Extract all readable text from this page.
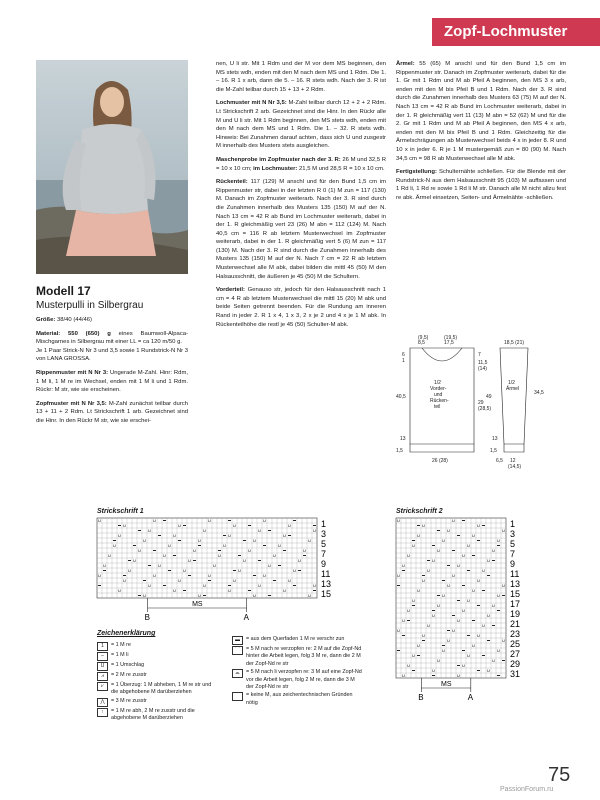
Zopf-Lochmuster
Modell 17
Musterpulli in Silbergrau

Größe: 38/40 (44/46)

Material: 550 (650) g eines Baumwoll-Alpaca-Mischgarnes in Silbergrau mit einer LL = ca 120 m/50 g.
Je 1 Paar Strick-N Nr 3 und 3,5 sowie 1 Rundstrick-N Nr 3 von LANA GROSSA.

Rippenmuster mit N Nr 3: Ungerade M-Zahl. Hinr: Rdm, 1 M li, 1 M re im Wechsel, enden mit 1 M li und 1 Rdm. Rückr: M str, wie sie erscheinen.

Zopfmuster mit N Nr 3,5: M-Zahl zunächst teilbar durch 13 + 11 + 2 Rdm. Lt Strickschrift 1 arb. Gezeichnet sind die Hinr. In den Rückr M str, wie sie erschei-

nen, U li str. Mit 1 Rdm und der M vor dem MS beginnen, den MS stets wdh, enden mit den M nach dem MS und 1 Rdm. Die 1. – 16. R 1 x arb, dann die 5. – 16. R stets wdh. Nach der 3. R ist die M-Zahl teilbar durch 15 + 13 + 2 Rdm.

Lochmuster mit N Nr 3,5: M-Zahl teilbar durch 12 + 2 + 2 Rdm. Lt Strickschrift 2 arb. Gezeichnet sind die Hinr. In den Rückr alle M und U li str. Mit 1 Rdm beginnen, den MS stets wdh, enden mit den M nach dem MS und 1 Rdm. Die 1. – 32. R stets wdh. Hinweis: Bei Zunahmen darauf achten, dass sich U und zusgestr M innerhalb des Musters stets ausgleichen.

Maschenprobe im Zopfmuster nach der 3. R: 26 M und 32,5 R = 10 x 10 cm; im Lochmuster: 21,5 M und 28,5 R = 10 x 10 cm.

Rückenteil: 117 (129) M anschl und für den Bund 1,5 cm im Rippenmuster str, dabei in der letzten R 0 (1) M zun = 117 (130) M. Danach im Zopfmuster weiterarb. Nach der 3. R sind durch die Zunahmen innerhalb des Musters 135 (150) M auf der N. Nach 13 cm = 42 R ab Bund im Lochmuster weiterarb, dabei in der 1. R gleichmäßig vert 23 (26) M abn = 112 (124) M. Nach 40,5 cm = 116 R ab letztem Musterwechsel im Zopfmuster weiterarb, dabei in der 1. R gleichmäßig vert 5 (6) M zun = 117 (130) M. Nach der 3. R sind durch die Zunahmen innerhalb des Musters 135 (150) M auf der N. Nach 7 cm = 22 R ab letztem Musterwechsel alle M abk, dabei bilden die mittl 45 (50) M den Halsausschnitt, die äußeren je 45 (50) M die Schultern.

Vorderteil: Genauso str, jedoch für den Halsausschnitt nach 1 cm = 4 R ab letztem Musterwechsel die mittl 15 (20) M abk und beide Seiten getrennt beenden. Für die Rundung am inneren Rand in jeder 2. R 1 x 4, 1 x 3, 2 x je 2 und 4 x je 1 M abk. In Rückenteilhöhe die restl je 45 (50) Schulter-M abk.

Ärmel: 55 (65) M anschl und für den Bund 1,5 cm im Rippenmuster str. Danach im Zopfmuster weiterarb, dabei für die 1. Gr mit 1 Rdm und M ab Pfeil A beginnen, den MS 3 x arb, enden mit den M bis Pfeil B und 1 Rdm. Nach der 3. R sind durch die Zunahmen innerhalb des Musters 63 (75) M auf der N. Nach 13 cm = 42 R ab Bund im Lochmuster weiterarb, dabei in der 1. R gleichmäßig vert 11 (13) M abn = 52 (62) M und für die 2. Gr mit 1 Rdm und M ab Pfeil A beginnen, den MS 4 x arb, enden mit den M bis Pfeil B und 1 Rdm. Gleichzeitig für die Ärmelschrägungen ab Musterwechsel beids 4 x in jeder 8. R und 10 x in jeder 6. R je 1 M mustergemäß zun = 80 (90) M. Nach 34,5 cm = 98 R ab Musterwechsel alle M abk.

Fertigstellung: Schulternähte schließen. Für die Blende mit der Rundstrick-N aus dem Halsausschnitt 95 (103) M auffassen und 1 Rd li, 1 Rd re sowie 1 Rd li M str. Danach alle M nicht allzu fest re abk. Ärmel einsetzen, Seiten- und Ärmelnähte -schließen.

8,5
(9,5)
17,5
(19,5)
6
1
40,5
7
11,5
(14)
29
(28,5)
49
13
1,5
26 (28)
1/2
Vorder-
und
Rücken-
teil
18,5 (21)
1/2
Ärmel
34,5
13
1,5
6,5 12
(14,5)
Strickschrift 1
U	U	U	U
U	U	U	U
U	U	U	U
U	U	U	U
U	U	U	U
U	U	U	U
U	U	U	U
U	U	U	U
U	U	U	U
U	U	U	U
U	U	U	U
U	U	U	U
U	U	U	U
U	U	U	U
U	U	U	U
U	U	U	U 15
13
11
9
7
5
3
1
B	A
MS
Strickschrift 2
U	U
U	U
U	U
U	U
U	U
U	U
U	U
U	U
U	U
U	U
U	U
U	U
U	U
U	U
U	U
U	U
U	U
U	U
U	U
U	U
U	U
U	U
U	U
U	U
U	U
U	U
U	U
U	U
U	U
U	U
U	U
U	U	31
29
27
25
23
21
19
17
15
13
11
9
7
5
3
1
B	A
MS
Zeichenerklärung
1	= 1 M re
–	= 1 M li
U	= 1 Umschlag
⩘	= 2 M re zusstr
⩗	= 1 Überzug: 1 M abheben, 1 M re str und die abgehobene M darüberziehen
⋀	= 3 M re zusstr
↑	= 1 M re abh, 2 M re zusstr und die abgehobene M darüberziehen
▬	= aus dem Querfaden 1 M re verschr zun
⌒	= 5 M nach re verzopfen re: 2 M auf die Zopf-Nd hinter die Arbeit legen, folg 3 M re, dann die 2 M der Zopf-Nd re str
⌓	= 5 M nach li verzopfen re: 3 M auf eine Zopf-Nd vor die Arbeit legen, folg 2 M re, dann die 3 M der Zopf-Nd re str
= keine M, aus zeichentechnischen Gründen nötig
75
PassionForum.ru
